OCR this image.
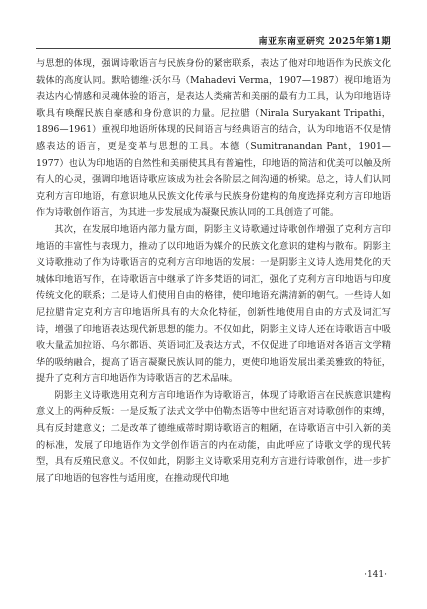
南亚东南亚研究 2025年第1期

与思想的体现，强调诗歌语言与民族身份的紧密联系，表达了他对印地语作为民族文化载体的高度认同。默哈德维·沃尔马（Mahadevi Verma，1907—1987）视印地语为表达内心情感和灵魂体验的语言，是表达人类痛苦和美丽的最有力工具，认为印地语诗歌具有唤醒民族自豪感和身份意识的力量。尼拉腊（Nirala Suryakant Tripathi，1896—1961）重视印地语所体现的民间语言与经典语言的结合，认为印地语不仅是情感表达的语言，更是变革与思想的工具。本德（Sumitranandan Pant，1901—1977）也认为印地语的自然性和美丽使其具有普遍性，印地语的简洁和优美可以触及所有人的心灵，强调印地语诗歌应该成为社会各阶层之间沟通的桥梁。总之，诗人们认同克利方言印地语，有意识地从民族文化传承与民族身份建构的角度选择克利方言印地语作为诗歌创作语言，为其进一步发展成为凝聚民族认同的工具创造了可能。

其次，在发展印地语内部力量方面，阴影主义诗歌通过诗歌创作增强了克利方言印地语的丰富性与表现力，推动了以印地语为媒介的民族文化意识的建构与散布。阴影主义诗歌推动了作为诗歌语言的克利方言印地语的发展：一是阴影主义诗人选用梵化的天城体印地语写作，在诗歌语言中继承了许多梵语的词汇，强化了克利方言印地语与印度传统文化的联系；二是诗人们使用自由的格律，使印地语充满清新的朝气。一些诗人如尼拉腊肯定克利方言印地语所具有的大众化特征，创新性地使用自由的方式及词汇写诗，增强了印地语表达现代新思想的能力。不仅如此，阴影主义诗人还在诗歌语言中吸收大量孟加拉语、乌尔都语、英语词汇及表达方式，不仅促进了印地语对各语言文学精华的吸纳融合，提高了语言凝聚民族认同的能力，更使印地语发展出柔美雅致的特征，提升了克利方言印地语作为诗歌语言的艺术品味。

阴影主义诗歌选用克利方言印地语作为诗歌语言，体现了诗歌语言在民族意识建构意义上的两种反叛：一是反叛了法式文学中伯勒杰语等中世纪语言对诗歌创作的束缚，具有反封建意义；二是改革了德维威蒂时期诗歌语言的粗陋，在诗歌语言中引入新的美的标准，发展了印地语作为文学创作语言的内在动能，由此呼应了诗歌文学的现代转型，具有反殖民意义。不仅如此，阴影主义诗歌采用克利方言进行诗歌创作，进一步扩展了印地语的包容性与适用度，在推动现代印地

·141·
